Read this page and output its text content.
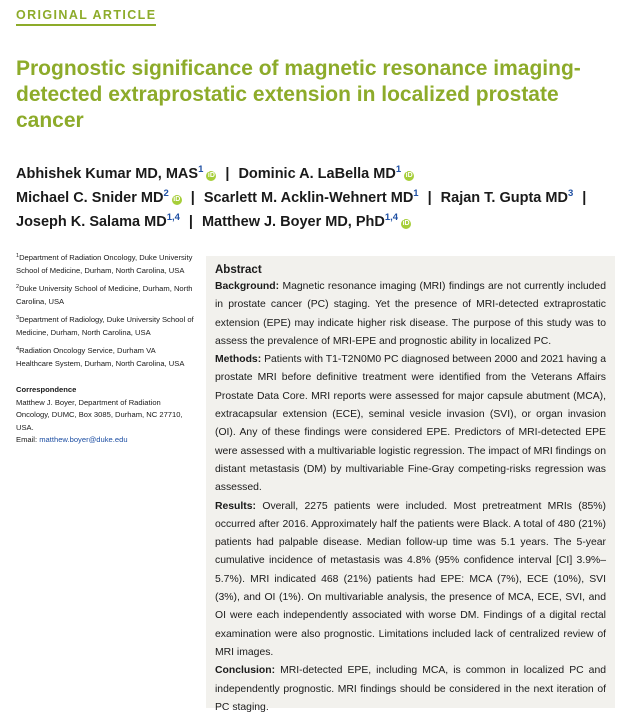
ORIGINAL ARTICLE
Prognostic significance of magnetic resonance imaging-detected extraprostatic extension in localized prostate cancer
Abhishek Kumar MD, MAS$^1$iD | Dominic A. LaBella $MD^1iD$
Michael C. Snider $MD^2iD$ | Scarlett M. Acklin-Wehnert $MD^1$ | Rajan T. Gupta $MD^3$ |
Joseph K. Salama MD$^{1,4}$ | Matthew J. Boyer MD, PhD$^{1,4}$iD
$^1$Department of Radiation Oncology, Duke University School of Medicine, Durham, North Carolina, USA
$^2$Duke University School of Medicine, Durham, North Carolina, USA
$^3$Department of Radiology, Duke University School of Medicine, Durham, North Carolina, USA
$^4$Radiation Oncology Service, Durham VA Healthcare System, Durham, North Carolina, USA
Correspondence
Matthew J. Boyer, Department of Radiation Oncology, DUMC, Box 3085, Durham, NC 27710, USA.
Email: matthew.boyer@duke.edu
Abstract

Background: Magnetic resonance imaging (MRI) findings are not currently included in prostate cancer (PC) staging. Yet the presence of MRI-detected extraprostatic extension (EPE) may indicate higher risk disease. The purpose of this study was to assess the prevalence of MRI-EPE and prognostic ability in localized PC.

Methods: Patients with T1-T2N0M0 PC diagnosed between 2000 and 2021 having a prostate MRI before definitive treatment were identified from the Veterans Affairs Prostate Data Core. MRI reports were assessed for major capsule abutment (MCA), extracapsular extension (ECE), seminal vesicle invasion (SVI), or organ invasion (OI). Any of these findings were considered EPE. Predictors of MRI-detected EPE were assessed with a multivariable logistic regression. The impact of MRI findings on distant metastasis (DM) by multivariable Fine-Gray competing-risks regression was assessed.

Results: Overall, 2275 patients were included. Most pretreatment MRIs (85%) occurred after 2016. Approximately half the patients were Black. A total of 480 (21%) patients had palpable disease. Median follow-up time was 5.1 years. The 5-year cumulative incidence of metastasis was 4.8% (95% confidence interval [CI] 3.9%–5.7%). MRI indicated 468 (21%) patients had EPE: MCA (7%), ECE (10%), SVI (3%), and OI (1%). On multivariable analysis, the presence of MCA, ECE, SVI, and OI were each independently associated with worse DM. Findings of a digital rectal examination were also prognostic. Limitations included lack of centralized review of MRI images.

Conclusion: MRI-detected EPE, including MCA, is common in localized PC and independently prognostic. MRI findings should be considered in the next iteration of PC staging.
